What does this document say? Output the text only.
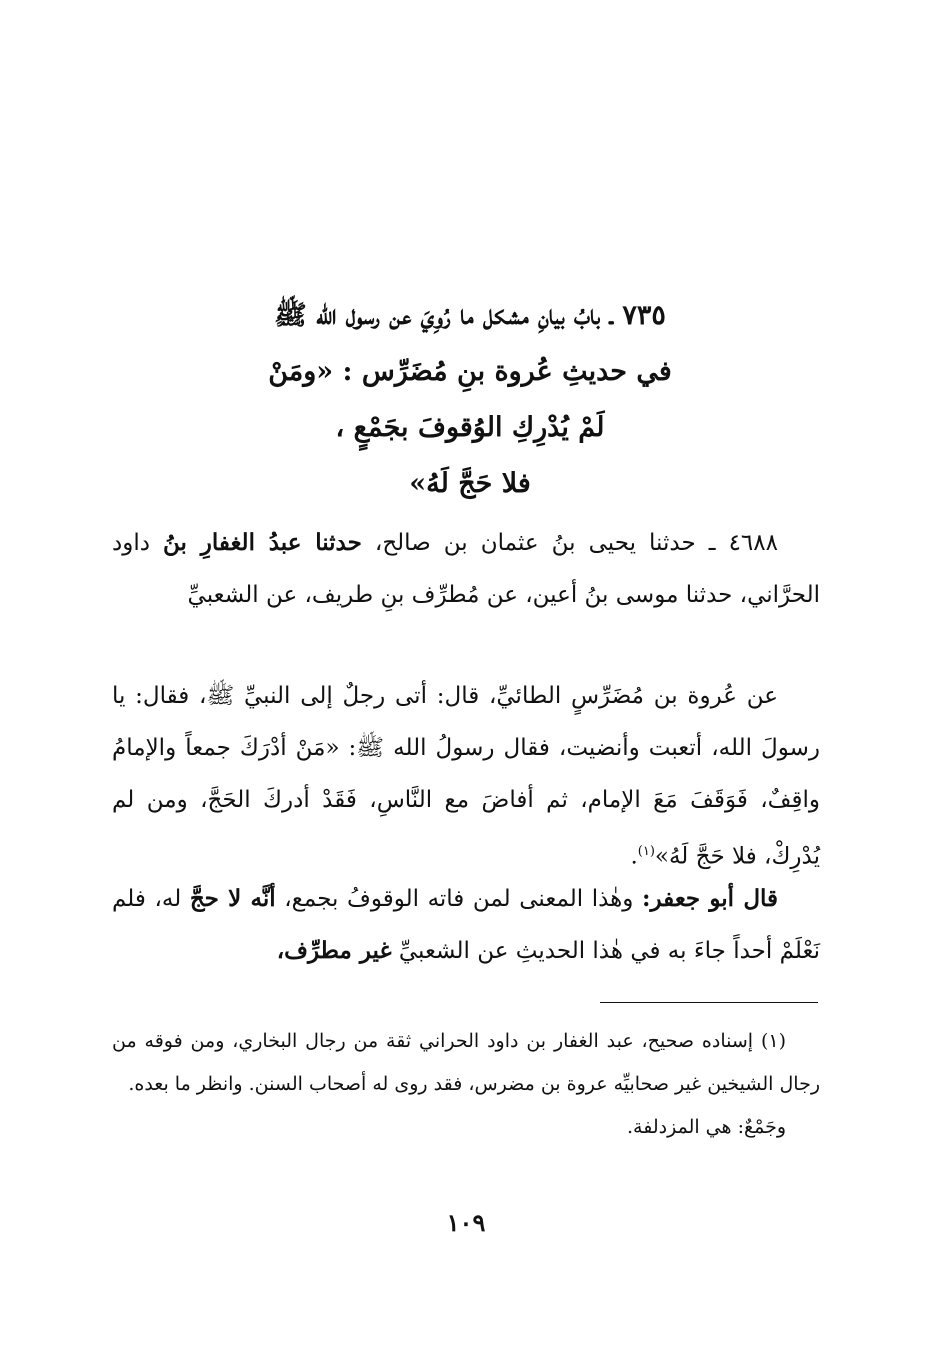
٧٣٥ ـ بابُ بيانِ مشكل ما رُوِيَ عن رسول الله ﷺ
في حديثِ عُروة بنِ مُضَرِّس : «ومَنْ
لَمْ يُدْرِكِ الوُقوفَ بجَمْعٍ ،
فلا حَجَّ لَهُ»

٤٦٨٨ ـ حدثنا يحيى بنُ عثمان بن صالح، حدثنا عبدُ الغفارِ بنُ داود الحرَّاني، حدثنا موسى بنُ أعين، عن مُطرِّف بنِ طريف، عن الشعبيِّ

عن عُروة بن مُضَرِّسٍ الطائيِّ، قال: أتى رجلٌ إلى النبيِّ ﷺ، فقال: يا رسولَ الله، أتعبت وأنضيت، فقال رسولُ الله ﷺ: «مَنْ أدْرَكَ جمعاً والإمامُ واقِفٌ، فَوَقَفَ مَعَ الإمام، ثم أفاضَ مع النَّاسِ، فَقَدْ أدركَ الحَجَّ، ومن لم يُدْرِكْ، فلا حَجَّ لَهُ»$^{(١)}$.

قال أبو جعفر: وهٰذا المعنى لمن فاته الوقوفُ بجمع، أنَّه لا حجَّ له، فلم نَعْلَمْ أحداً جاءَ به في هٰذا الحديثِ عن الشعبيِّ غير مطرِّف،

(١) إسناده صحيح، عبد الغفار بن داود الحراني ثقة من رجال البخاري، ومن فوقه من رجال الشيخين غير صحابيِّه عروة بن مضرس، فقد روى له أصحاب السنن. وانظر ما بعده.

وجَمْعٌ: هي المزدلفة.

١٠٩
